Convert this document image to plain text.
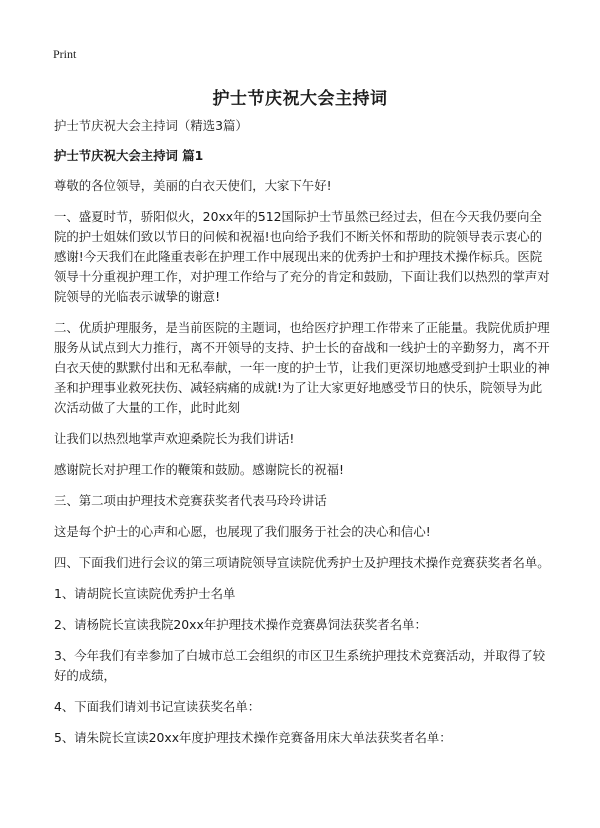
Print
护士节庆祝大会主持词

护士节庆祝大会主持词（精选3篇）

护士节庆祝大会主持词 篇1

尊敬的各位领导，美丽的白衣天使们，大家下午好!

一、盛夏时节，骄阳似火，20xx年的512国际护士节虽然已经过去，但在今天我仍要向全院的护士姐妹们致以节日的问候和祝福!也向给予我们不断关怀和帮助的院领导表示衷心的感谢!今天我们在此隆重表彰在护理工作中展现出来的优秀护士和护理技术操作标兵。医院领导十分重视护理工作，对护理工作给与了充分的肯定和鼓励，下面让我们以热烈的掌声对院领导的光临表示诚挚的谢意!

二、优质护理服务，是当前医院的主题词，也给医疗护理工作带来了正能量。我院优质护理服务从试点到大力推行，离不开领导的支持、护士长的奋战和一线护士的辛勤努力，离不开白衣天使的默默付出和无私奉献，一年一度的护士节，让我们更深切地感受到护士职业的神圣和护理事业救死扶伤、减轻病痛的成就!为了让大家更好地感受节日的快乐，院领导为此次活动做了大量的工作，此时此刻

让我们以热烈地掌声欢迎桑院长为我们讲话!

感谢院长对护理工作的鞭策和鼓励。感谢院长的祝福!

三、第二项由护理技术竞赛获奖者代表马玲玲讲话

这是每个护士的心声和心愿，也展现了我们服务于社会的决心和信心!

四、下面我们进行会议的第三项请院领导宣读院优秀护士及护理技术操作竞赛获奖者名单。

1、请胡院长宣读院优秀护士名单

2、请杨院长宣读我院20xx年护理技术操作竞赛鼻饲法获奖者名单：

3、今年我们有幸参加了白城市总工会组织的市区卫生系统护理技术竞赛活动，并取得了较好的成绩，

4、下面我们请刘书记宣读获奖名单：

5、请朱院长宣读20xx年度护理技术操作竞赛备用床大单法获奖者名单：
